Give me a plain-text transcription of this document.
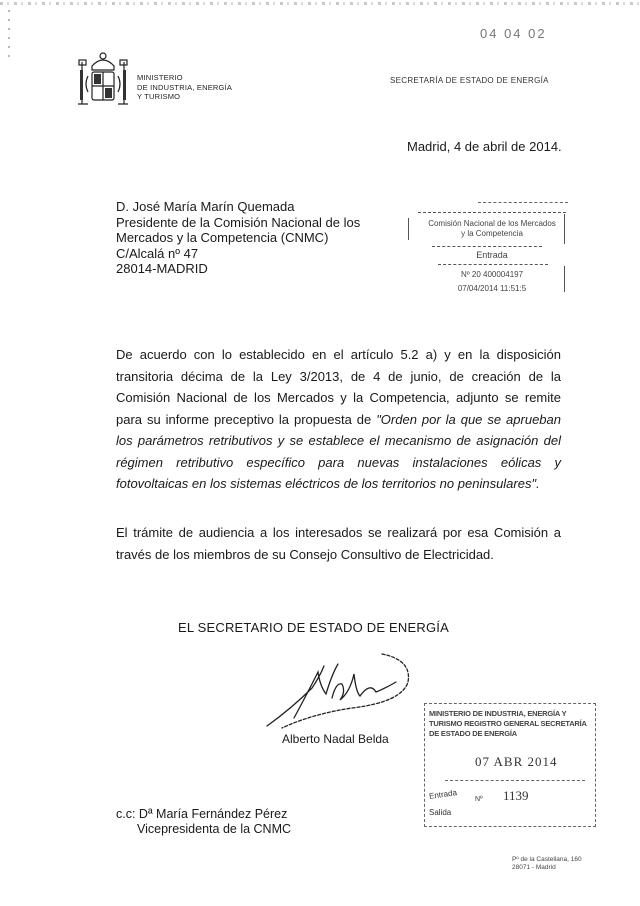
MINISTERIO
DE INDUSTRIA, ENERGÍA
Y TURISMO
04 04 02
SECRETARÍA DE ESTADO DE ENERGÍA
Madrid, 4 de abril de 2014.
D. José María Marín Quemada
Presidente de la Comisión Nacional de los
Mercados y la Competencia (CNMC)
C/Alcalá nº 47
28014-MADRID
Comisión Nacional de los Mercados
y la Competencia
Entrada
Nº 20 400004197
07/04/2014 11:51:5
De acuerdo con lo establecido en el artículo 5.2 a) y en la disposición transitoria décima de la Ley 3/2013, de 4 de junio, de creación de la Comisión Nacional de los Mercados y la Competencia, adjunto se remite para su informe preceptivo la propuesta de "Orden por la que se aprueban los parámetros retributivos y se establece el mecanismo de asignación del régimen retributivo específico para nuevas instalaciones eólicas y fotovoltaicas en los sistemas eléctricos de los territorios no peninsulares".
El trámite de audiencia a los interesados se realizará por esa Comisión a través de los miembros de su Consejo Consultivo de Electricidad.
EL SECRETARIO DE ESTADO DE ENERGÍA
Alberto Nadal Belda
MINISTERIO DE INDUSTRIA, ENERGÍA Y TURISMO REGISTRO GENERAL SECRETARÍA DE ESTADO DE ENERGÍA
07 ABR 2014
Entrada Nº 1139
Salida
c.c: Dª María Fernández Pérez
Vicepresidenta de la CNMC
Pº de la Castellana, 160
28071 - Madrid
